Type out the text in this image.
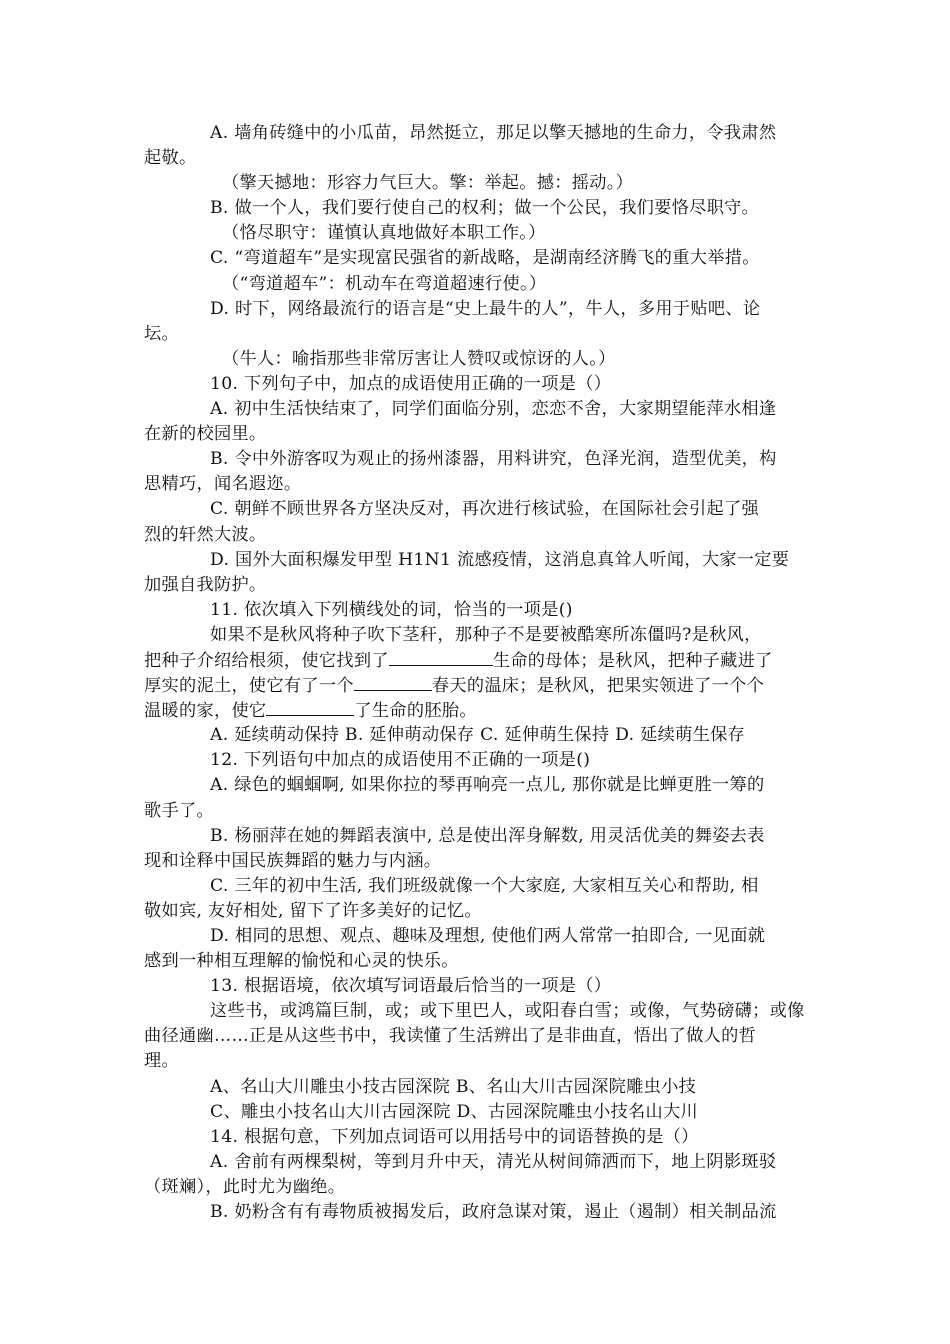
A. 墙角砖缝中的小瓜苗，昂然挺立，那足以擎天撼地的生命力，令我肃然
起敬。
（擎天撼地：形容力气巨大。擎：举起。撼：摇动。）
B. 做一个人，我们要行使自己的权利；做一个公民，我们要恪尽职守。
（恪尽职守：谨慎认真地做好本职工作。）
C. “弯道超车”是实现富民强省的新战略，是湖南经济腾飞的重大举措。
（“弯道超车”：机动车在弯道超速行使。）
D. 时下，网络最流行的语言是“史上最牛的人”，牛人，多用于贴吧、论
坛。
（牛人：喻指那些非常厉害让人赞叹或惊讶的人。）
10. 下列句子中，加点的成语使用正确的一项是（）
A. 初中生活快结束了，同学们面临分别，恋恋不舍，大家期望能萍水相逢
在新的校园里。
B. 令中外游客叹为观止的扬州漆器，用料讲究，色泽光润，造型优美，构
思精巧，闻名遐迩。
C. 朝鲜不顾世界各方坚决反对，再次进行核试验，在国际社会引起了强
烈的轩然大波。
D. 国外大面积爆发甲型 H1N1 流感疫情，这消息真耸人听闻，大家一定要
加强自我防护。
11. 依次填入下列横线处的词，恰当的一项是()
如果不是秋风将种子吹下茎秆，那种子不是要被酷寒所冻僵吗?是秋风，
把种子介绍给根须，使它找到了	生命的母体；是秋风，把种子藏进了
厚实的泥土，使它有了一个	春天的温床；是秋风，把果实领进了一个个
温暖的家，使它	了生命的胚胎。
A. 延续萌动保持 B. 延伸萌动保存 C. 延伸萌生保持 D. 延续萌生保存
12. 下列语句中加点的成语使用不正确的一项是()
A. 绿色的蝈蝈啊, 如果你拉的琴再响亮一点儿, 那你就是比蝉更胜一筹的
歌手了。
B. 杨丽萍在她的舞蹈表演中, 总是使出浑身解数, 用灵活优美的舞姿去表
现和诠释中国民族舞蹈的魅力与内涵。
C. 三年的初中生活, 我们班级就像一个大家庭, 大家相互关心和帮助, 相
敬如宾, 友好相处, 留下了许多美好的记忆。
D. 相同的思想、观点、趣味及理想, 使他们两人常常一拍即合, 一见面就
感到一种相互理解的愉悦和心灵的快乐。
13. 根据语境，依次填写词语最后恰当的一项是（）
这些书，或鸿篇巨制，或；或下里巴人，或阳春白雪；或像，气势磅礴；或像
曲径通幽……正是从这些书中，我读懂了生活辨出了是非曲直，悟出了做人的哲
理。
A、名山大川雕虫小技古园深院 B、名山大川古园深院雕虫小技
C、雕虫小技名山大川古园深院 D、古园深院雕虫小技名山大川
14. 根据句意，下列加点词语可以用括号中的词语替换的是（）
A. 舍前有两棵梨树，等到月升中天，清光从树间筛洒而下，地上阴影斑驳
（斑斓），此时尤为幽绝。
B. 奶粉含有有毒物质被揭发后，政府急谋对策，遏止（遏制）相关制品流
